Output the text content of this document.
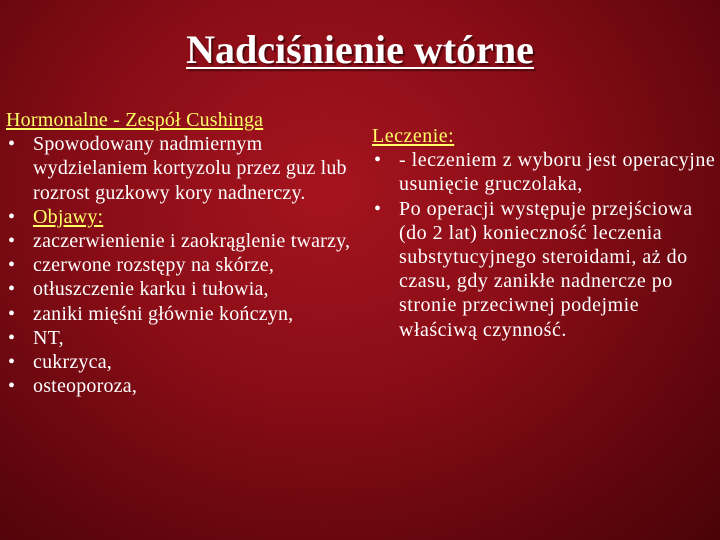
Nadciśnienie wtórne
Hormonalne - Zespół Cushinga
• Spowodowany nadmiernym wydzielaniem kortyzolu przez guz lub rozrost guzkowy kory nadnerczy.
• Objawy:
• zaczerwienienie i zaokrąglenie twarzy,
• czerwone rozstępy na skórze,
• otłuszczenie karku i tułowia,
• zaniki mięśni głównie kończyn,
• NT,
• cukrzyca,
• osteoporoza,
Leczenie:
• - leczeniem z wyboru jest operacyjne usunięcie gruczolaka,
• Po operacji występuje przejściowa (do 2 lat) konieczność leczenia substytucyjnego steroidami, aż do czasu, gdy zanikłe nadnercze po stronie przeciwnej podejmie właściwą czynność.
